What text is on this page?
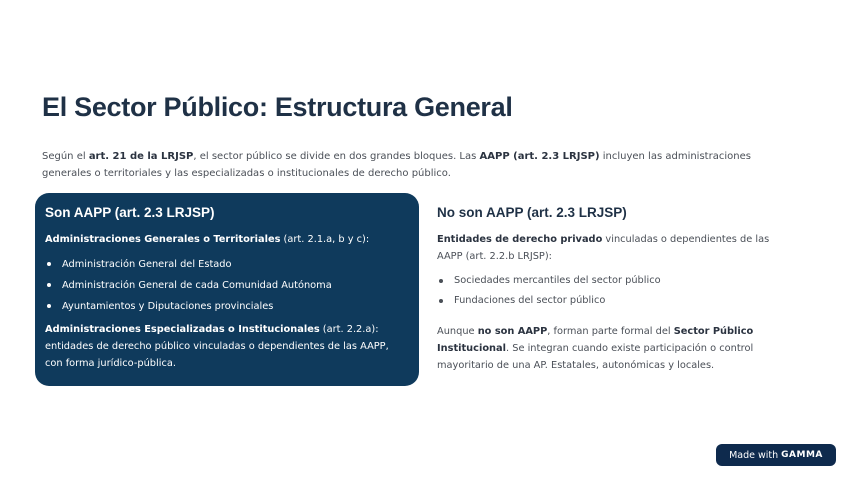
El Sector Público: Estructura General

Según el art. 21 de la LRJSP, el sector público se divide en dos grandes bloques. Las AAPP (art. 2.3 LRJSP) incluyen las administraciones generales o territoriales y las especializadas o institucionales de derecho público.

Son AAPP (art. 2.3 LRJSP)

Administraciones Generales o Territoriales (art. 2.1.a, b y c):

Administración General del Estado
Administración General de cada Comunidad Autónoma
Ayuntamientos y Diputaciones provinciales

Administraciones Especializadas o Institucionales (art. 2.2.a): entidades de derecho público vinculadas o dependientes de las AAPP, con forma jurídico-pública.

No son AAPP (art. 2.3 LRJSP)

Entidades de derecho privado vinculadas o dependientes de las AAPP (art. 2.2.b LRJSP):

Sociedades mercantiles del sector público
Fundaciones del sector público

Aunque no son AAPP, forman parte formal del Sector Público Institucional. Se integran cuando existe participación o control mayoritario de una AP. Estatales, autonómicas y locales.

Made with GAMMA
